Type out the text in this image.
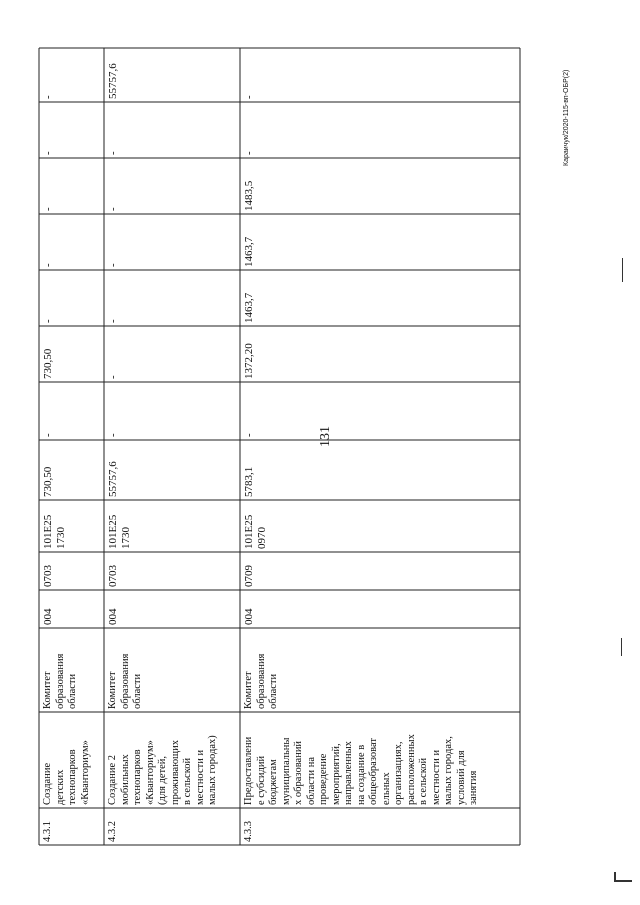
131
Караичук/2020-115-вп-ОБР(2)
4.3.1
Создание
детских
технопарков
«Кванториум»
Комитет
образования
области
004
0703
101Е25
1730
730,50
-
730,50
-
-
-
-
-
4.3.2
Создание 2
мобильных
технопарков
«Кванториум»
(для детей,
проживающих
в сельской
местности и
малых городах)
Комитет
образования
области
004
0703
101Е25
1730
55757,6
-
-
-
-
-
-
55757,6
4.3.3
Предоставлени
е субсидий
бюджетам
муниципальны
х образований
области на
проведение
мероприятий,
направленных
на создание в
общеобразоват
ельных
организациях,
расположенных
в сельской
местности и
малых городах,
условий для
занятия
Комитет
образования
области
004
0709
101Е25
0970
5783,1
-
1372,20
1463,7
1463,7
1483,5
-
-
